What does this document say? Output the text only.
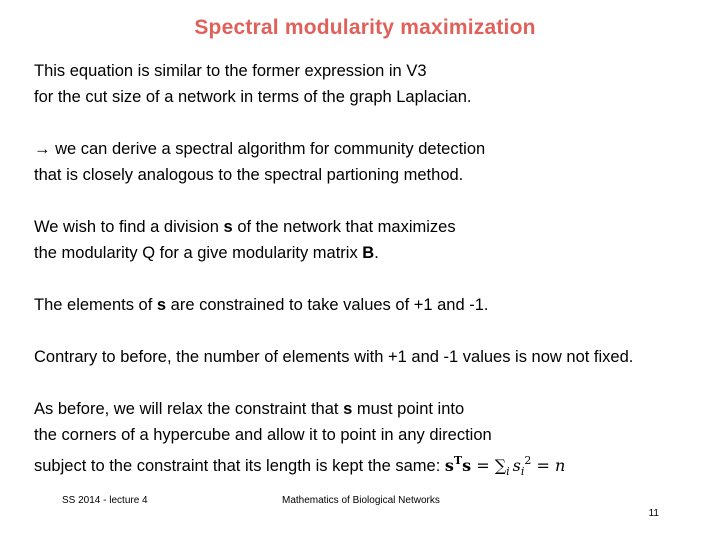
Spectral modularity maximization

This equation is similar to the former expression in V3
for the cut size of a network in terms of the graph Laplacian.

→ we can derive a spectral algorithm for community detection
that is closely analogous to the spectral partioning method.

We wish to find a division s of the network that maximizes
the modularity Q for a give modularity matrix B.

The elements of s are constrained to take values of +1 and -1.

Contrary to before, the number of elements with +1 and -1 values is now not fixed.

As before, we will relax the constraint that s must point into
the corners of a hypercube and allow it to point in any direction
subject to the constraint that its length is kept the same: $s^Ts = \sum_i$ $s_i^2 = n$

SS 2014 - lecture 4	Mathematics of Biological Networks
11
